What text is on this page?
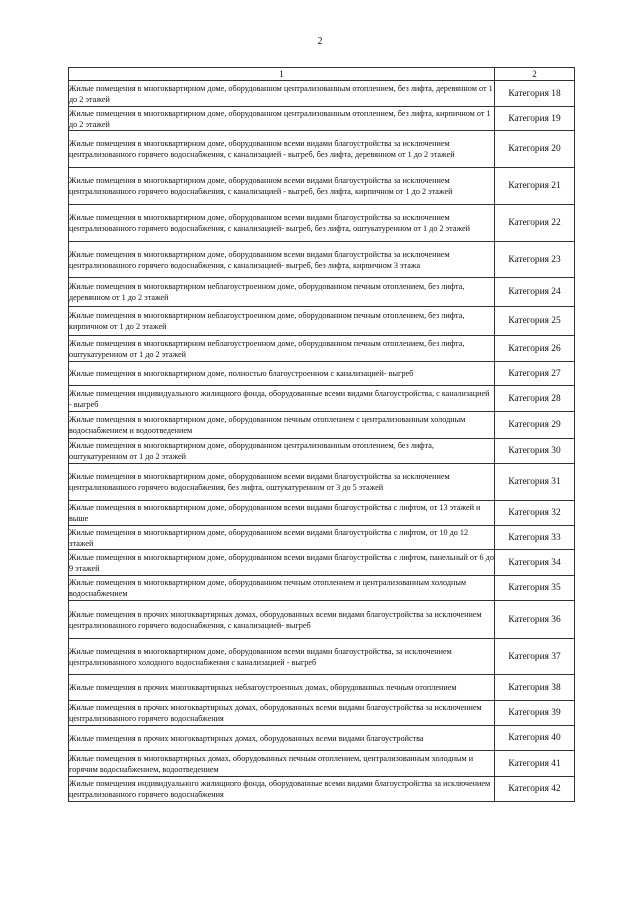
2
1	2
Жилые помещения в многоквартирном доме, оборудованном централизованным отоплением, без лифта, деревянном от 1 до 2 этажей	Категория 18
Жилые помещения в многоквартирном доме, оборудованном централизованным отоплением, без лифта, кирпичном от 1 до 2 этажей	Категория 19
Жилые помещения в многоквартирном доме, оборудованном всеми видами благоустройства за исключением централизованного горячего водоснабжения, с канализацией - выгреб, без лифта, деревянном от 1 до 2 этажей	Категория 20
Жилые помещения в многоквартирном доме, оборудованном всеми видами благоустройства за исключением централизованного горячего водоснабжения, с канализацией - выгреб, без лифта, кирпичном от 1 до 2 этажей	Категория 21
Жилые помещения в многоквартирном доме, оборудованном всеми видами благоустройства за исключением централизованного горячего водоснабжения, с канализацией- выгреб, без лифта, оштукатуренном от 1 до 2 этажей	Категория 22
Жилые помещения в многоквартирном доме, оборудованном всеми видами благоустройства за исключением централизованного горячего водоснабжения, с канализацией- выгреб, без лифта, кирпичном 3 этажа	Категория 23
Жилые помещения в многоквартирном неблагоустроенном доме, оборудованном печным отоплением, без лифта, деревянном от 1 до 2 этажей	Категория 24
Жилые помещения в многоквартирном неблагоустроенном доме, оборудованном печным отоплением, без лифта, кирпичном от 1 до 2 этажей	Категория 25
Жилые помещения в многоквартирном неблагоустроенном доме, оборудованном печным отоплением, без лифта, оштукатуренном от 1 до 2 этажей	Категория 26
Жилые помещения в многоквартирном доме, полностью благоустроенном с канализацией- выгреб	Категория 27
Жилые помещения индивидуального жилищного фонда, оборудованные всеми видами благоустройства, с канализацией - выгреб	Категория 28
Жилые помещения в многоквартирном доме, оборудованном печным отоплением с централизованным холодным водоснабжением и водоотведением	Категория 29
Жилые помещения в многоквартирном доме, оборудованном централизованным отоплением, без лифта, оштукатуренном от 1 до 2 этажей	Категория 30
Жилые помещения в многоквартирном доме, оборудованном всеми видами благоустройства за исключением централизованного горячего водоснабжения, без лифта, оштукатуренном от 3 до 5 этажей	Категория 31
Жилые помещения в многоквартирном доме, оборудованном всеми видами благоустройства с лифтом, от 13 этажей и выше	Категория 32
Жилые помещения в многоквартирном доме, оборудованном всеми видами благоустройства с лифтом, от 10 до 12 этажей	Категория 33
Жилые помещения в многоквартирном доме, оборудованном всеми видами благоустройства с лифтом, панельный от 6 до 9 этажей	Категория 34
Жилые помещения в многоквартирном доме, оборудованном печным отоплением и централизованным холодным водоснабжением	Категория 35
Жилые помещения в прочих многоквартирных домах, оборудованных всеми видами благоустройства за исключением централизованного горячего водоснабжения, с канализацией- выгреб	Категория 36
Жилые помещения в многоквартирном доме, оборудованном всеми видами благоустройства, за исключением централизованного холодного водоснабжения с канализацией - выгреб	Категория 37
Жилые помещения в прочих многоквартирных неблагоустроенных домах, оборудованных печным отоплением	Категория 38
Жилые помещения в прочих многоквартирных домах, оборудованных всеми видами благоустройства за исключением централизованного горячего водоснабжения	Категория 39
Жилые помещения в прочих многоквартирных домах, оборудованных всеми видами благоустройства	Категория 40
Жилые помещения в многоквартирных домах, оборудованных печным отоплением, централизованным холодным и горячим водоснабжением, водоотведением	Категория 41
Жилые помещения индивидуального жилищного фонда, оборудованные всеми видами благоустройства за исключением централизованного горячего водоснабжения	Категория 42
